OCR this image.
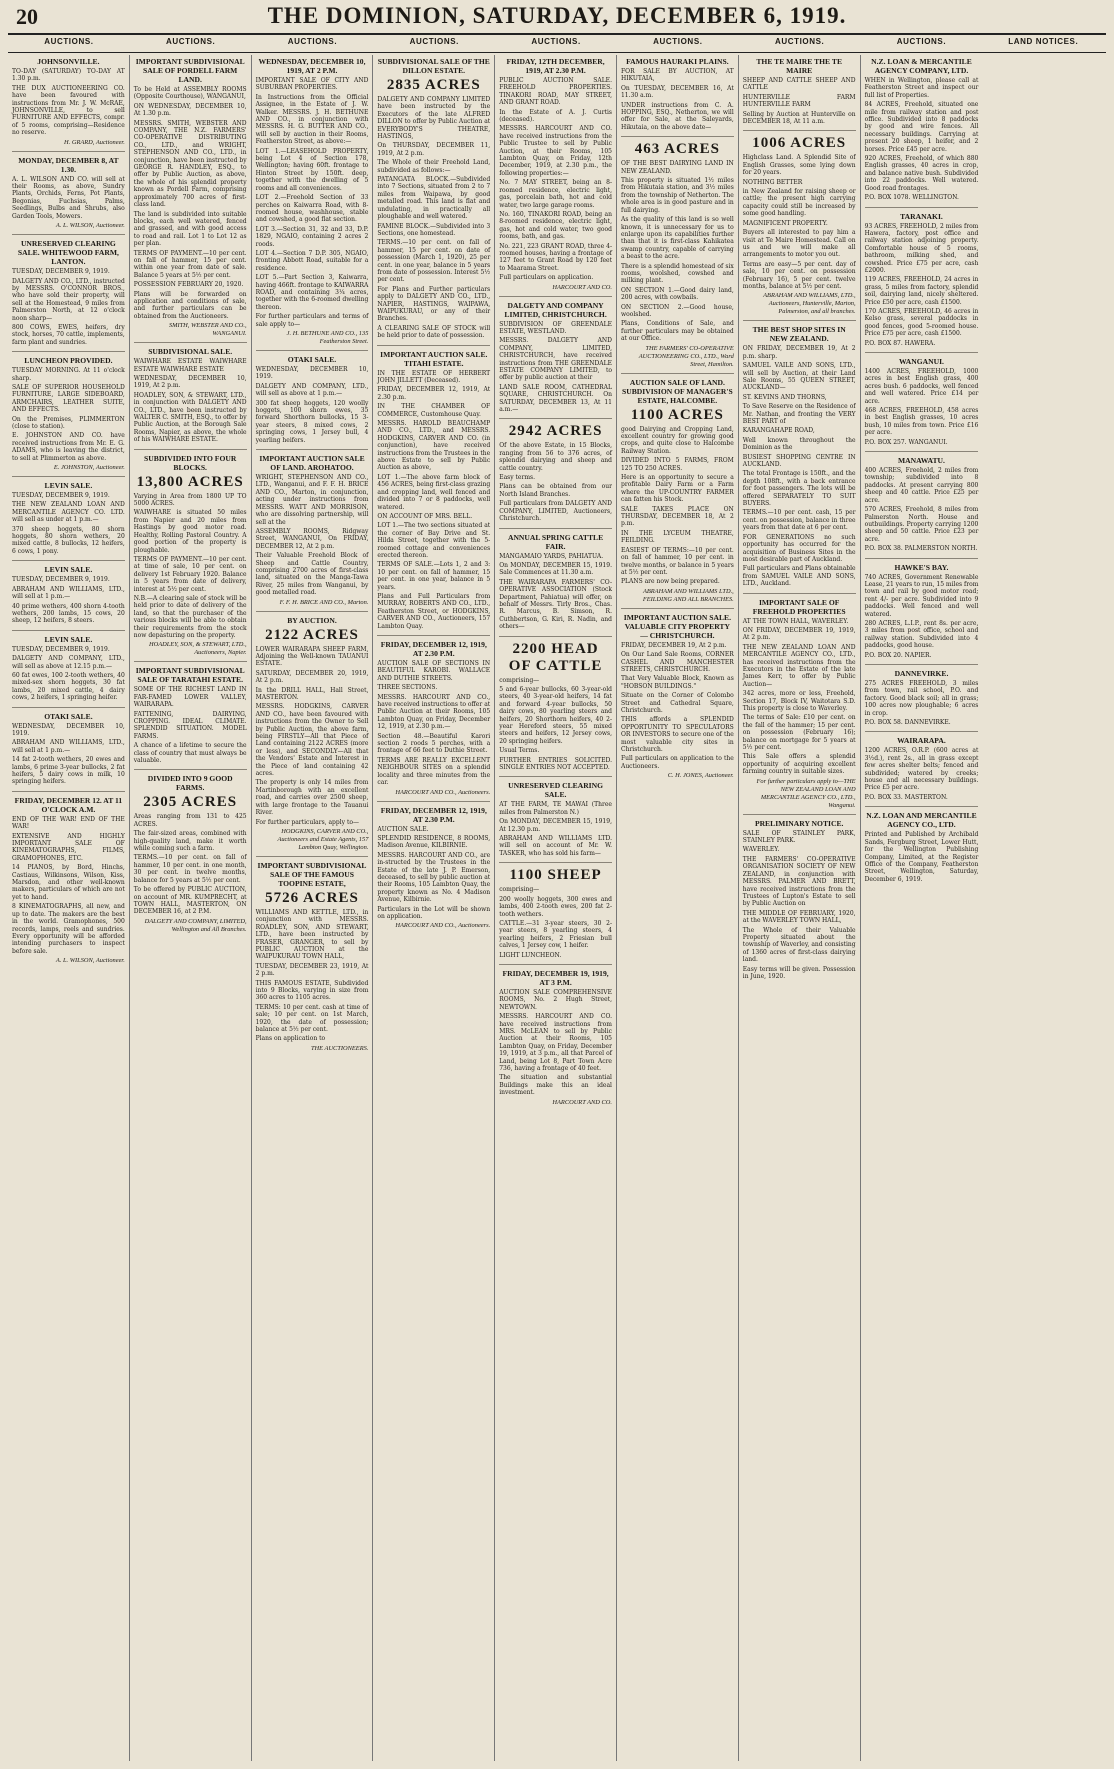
20	THE DOMINION, SATURDAY, DECEMBER 6, 1919.
AUCTIONS.	AUCTIONS.	AUCTIONS.	AUCTIONS.	AUCTIONS.	AUCTIONS.	AUCTIONS.	AUCTIONS.	LAND NOTICES.
JOHNSONVILLE.
TO-DAY (SATURDAY) TO-DAY AT 1.30 p.m.
THE DUX AUCTIONEERING CO. have been favoured with instructions from Mr. J. W. McRAE, JOHNSONVILLE, to sell FURNITURE AND EFFECTS, compr. of 5 rooms, comprising—Residence no reserve.
H. GRARD, Auctioneer.
MONDAY, DECEMBER 8, AT 1.30.
A. L. WILSON AND CO. will sell at their Rooms, as above, Sundry Plants, Orchids, Ferns, Pot Plants, Begonias, Fuchsias, Palms, Seedlings, Bulbs and Shrubs, also Garden Tools, Mowers.
A. L. WILSON, Auctioneer.
UNRESERVED CLEARING SALE. WHITEWOOD FARM, LANTON.
TUESDAY, DECEMBER 9, 1919.
DALGETY AND CO., LTD., instructed by MESSRS. O'CONNOR BROS., who have sold their property, will sell at the Homestead, 9 miles from Palmerston North, at 12 o'clock noon sharp—
800 COWS, EWES, heifers, dry stock, horses, 70 cattle, implements, farm plant and sundries.
LUNCHEON PROVIDED.
TUESDAY MORNING. At 11 o'clock sharp.
SALE OF SUPERIOR HOUSEHOLD FURNITURE, LARGE SIDEBOARD, ARMCHAIRS, LEATHER SUITE, AND EFFECTS.
On the Premises, PLIMMERTON (close to station).
E. JOHNSTON AND CO. have received instructions from Mr. E. G. ADAMS, who is leaving the district, to sell at Plimmerton as above.
E. JOHNSTON, Auctioneer.
LEVIN SALE.
TUESDAY, DECEMBER 9, 1919.
THE NEW ZEALAND LOAN AND MERCANTILE AGENCY CO. LTD. will sell as under at 1 p.m.—
370 sheep hoggets, 80 shorn hoggets, 80 shorn wethers, 20 mixed cattle, 8 bullocks, 12 heifers, 6 cows, 1 pony.
LEVIN SALE.
TUESDAY, DECEMBER 9, 1919.
ABRAHAM AND WILLIAMS, LTD., will sell at 1 p.m.—
40 prime wethers, 400 shorn 4-tooth wethers, 200 lambs, 15 cows, 20 sheep, 12 heifers, 8 steers.
LEVIN SALE.
TUESDAY, DECEMBER 9, 1919.
DALGETY AND COMPANY, LTD., will sell as above at 12.15 p.m.—
60 fat ewes, 100 2-tooth wethers, 40 mixed-sex shorn hoggets, 30 fat lambs, 20 mixed cattle, 4 dairy cows, 2 heifers, 1 springing heifer.
OTAKI SALE.
WEDNESDAY, DECEMBER 10, 1919.
ABRAHAM AND WILLIAMS, LTD., will sell at 1 p.m.—
14 fat 2-tooth wethers, 20 ewes and lambs, 6 prime 3-year bullocks, 2 fat heifers, 5 dairy cows in milk, 10 springing heifers.
FRIDAY, DECEMBER 12. AT 11 O'CLOCK A.M.
END OF THE WAR! END OF THE WAR!
EXTENSIVE AND HIGHLY IMPORTANT SALE OF KINEMATOGRAPHS, FILMS, GRAMOPHONES, ETC.
14 PIANOS, by Bord, Hinchs, Castiaus, Wilkinsons, Wilson, Kiss, Marsdon, and other well-known makers, particulars of which are not yet to hand.
8 KINEMATOGRAPHS, all new, and up to date. The makers are the best in the world. Gramophones, 500 records, lamps, reels and sundries. Every opportunity will be afforded intending purchasers to inspect before sale.
A. L. WILSON, Auctioneer.
IMPORTANT SUBDIVISIONAL SALE OF PORDELL FARM LAND.
To be Held at ASSEMBLY ROOMS (Opposite Courthouse), WANGANUI,
ON WEDNESDAY, DECEMBER 10, At 1.30 p.m.
MESSRS. SMITH, WEBSTER AND COMPANY, THE N.Z. FARMERS' CO-OPERATIVE DISTRIBUTING CO., LTD., and WRIGHT, STEPHENSON AND CO., LTD., in conjunction, have been instructed by GEORGE R. HANDLEY, ESQ., to offer by Public Auction, as above, the whole of his splendid property known as Pordell Farm, comprising approximately 700 acres of first-class land.
The land is subdivided into suitable blocks, each well watered, fenced and grassed, and with good access to road and rail. Lot 1 to Lot 12 as per plan.
TERMS OF PAYMENT.—10 per cent. on fall of hammer, 15 per cent. within one year from date of sale. Balance 5 years at 5½ per cent.
POSSESSION FEBRUARY 20, 1920.
Plans will be forwarded on application and conditions of sale, and further particulars can be obtained from the Auctioneers.
SMITH, WEBSTER AND CO., WANGANUI.
SUBDIVISIONAL SALE.
WAIWHARE ESTATE WAIWHARE ESTATE WAIWHARE ESTATE
WEDNESDAY, DECEMBER 10, 1919, At 2 p.m.
HOADLEY, SON, & STEWART, LTD., in conjunction with DALGETY AND CO., LTD., have been instructed by WALTER C. SMITH, ESQ., to offer by Public Auction, at the Borough Sale Rooms, Napier, as above, the whole of his WAIWHARE ESTATE.
SUBDIVIDED INTO FOUR BLOCKS.
13,800 ACRES
Varying in Area from 1800 UP TO 5000 ACRES.
WAIWHARE is situated 50 miles from Napier and 20 miles from Hastings by good motor road. Healthy, Rolling Pastoral Country. A good portion of the property is ploughable.
TERMS OF PAYMENT.—10 per cent. at time of sale, 10 per cent. on delivery 1st February 1920. Balance in 5 years from date of delivery, interest at 5½ per cent.
N.B.—A clearing sale of stock will be held prior to date of delivery of the land, so that the purchaser of the various blocks will be able to obtain their requirements from the stock now depasturing on the property.
HOADLEY, SON, & STEWART, LTD., Auctioneers, Napier.
IMPORTANT SUBDIVISIONAL SALE OF TARATAHI ESTATE.
SOME OF THE RICHEST LAND IN FAR-FAMED LOWER VALLEY, WAIRARAPA.
FATTENING, DAIRYING, CROPPING. IDEAL CLIMATE. SPLENDID SITUATION. MODEL FARMS.
A chance of a lifetime to secure the class of country that must always be valuable.
DIVIDED INTO 9 GOOD FARMS.
2305 ACRES
Areas ranging from 131 to 425 ACRES.
The fair-sized areas, combined with high-quality land, make it worth while coming such a farm.
TERMS.—10 per cent. on fall of hammer, 10 per cent. in one month, 30 per cent. in twelve months, balance for 5 years at 5½ per cent.
To be offered by PUBLIC AUCTION, on account of MR. KUMPRECHT, at TOWN HALL, MASTERTON, ON DECEMBER 16, at 2 P.M.
DALGETY AND COMPANY, LIMITED, Wellington and All Branches.
WEDNESDAY, DECEMBER 10, 1919, AT 2 P.M.
IMPORTANT SALE OF CITY AND SUBURBAN PROPERTIES.
In Instructions from the Official Assignee, in the Estate of J. W. Walker. MESSRS. J. H. BETHUNE AND CO., in conjunction with MESSRS. H. G. BUTTER AND CO., will sell by auction in their Rooms, Featherston Street, as above:—
LOT 1.—LEASEHOLD PROPERTY, being Lot 4 of Section 178, Wellington; having 60ft. frontage to Hinton Street by 150ft. deep, together with the dwelling of 5 rooms and all conveniences.
LOT 2.—Freehold Section of 33 perches on Kaiwarra Road, with 8-roomed house, washhouse, stable and cowshed, a good flat section.
LOT 3.—Section 31, 32 and 33, D.P. 1829, NGAIO, containing 2 acres 2 roods.
LOT 4.—Section 7 D.P. 305, NGAIO, fronting Abbott Road, suitable for a residence.
LOT 5.—Part Section 3, Kaiwarra, having 466ft. frontage to KAIWARRA ROAD, and containing 3¼ acres, together with the 6-roomed dwelling thereon.
For further particulars and terms of sale apply to—
J. H. BETHUNE AND CO., 135 Featherston Street.
OTAKI SALE.
WEDNESDAY, DECEMBER 10, 1919.
DALGETY AND COMPANY, LTD., will sell as above at 1 p.m.—
300 fat sheep hoggets, 120 woolly hoggets, 100 shorn ewes, 35 forward Shorthorn bullocks, 15 3-year steers, 8 mixed cows, 2 springing cows, 1 Jersey bull, 4 yearling heifers.
IMPORTANT AUCTION SALE OF LAND. AROHATOO.
WRIGHT, STEPHENSON AND CO., LTD., Wanganui, and F. F. H. BRICE AND CO., Marton, in conjunction, acting under instructions from MESSRS. WATT AND MORRISON, who are dissolving partnership, will sell at the
ASSEMBLY ROOMS, Ridgway Street, WANGANUI, On FRIDAY, DECEMBER 12, At 2 p.m.
Their Valuable Freehold Block of Sheep and Cattle Country, comprising 2700 acres of first-class land, situated on the Manga-Tawa River, 25 miles from Wanganui, by good metalled road.
F. F. H. BRICE AND CO., Marton.
BY AUCTION.
2122 ACRES
LOWER WAIRARAPA SHEEP FARM, Adjoining the Well-known TAUANUI ESTATE.
SATURDAY, DECEMBER 20, 1919, At 2 p.m.
In the DRILL HALL, Hall Street, MASTERTON.
MESSRS. HODGKINS, CARVER AND CO., have been favoured with instructions from the Owner to Sell by Public Auction, the above farm, being FIRSTLY—All that Piece of Land containing 2122 ACRES (more or less), and SECONDLY—All that the Vendors' Estate and Interest in the Piece of land containing 42 acres.
The property is only 14 miles from Martinborough with an excellent road, and carries over 2500 sheep, with large frontage to the Tauanui River.
For further particulars, apply to—
HODGKINS, CARVER AND CO., Auctioneers and Estate Agents, 157 Lambton Quay, Wellington.
IMPORTANT SUBDIVISIONAL SALE OF THE FAMOUS TOOPINE ESTATE,
5726 ACRES
WILLIAMS AND KETTLE, LTD., in conjunction with MESSRS. ROADLEY, SON, AND STEWART, LTD., have been instructed by FRASER, GRANGER, to sell by PUBLIC AUCTION at the WAIPUKURAU TOWN HALL,
TUESDAY, DECEMBER 23, 1919, At 2 p.m.
THIS FAMOUS ESTATE, Subdivided into 9 Blocks, varying in size from 360 acres to 1105 acres.
TERMS: 10 per cent. cash at time of sale; 10 per cent. on 1st March, 1920, the date of possession; balance at 5½ per cent.
Plans on application to
THE AUCTIONEERS.
SUBDIVISIONAL SALE OF THE DILLON ESTATE.
2835 ACRES
DALGETY AND COMPANY LIMITED have been instructed by the Executors of the late ALFRED DILLON to offer by Public Auction at EVERYBODY'S THEATRE, HASTINGS,
On THURSDAY, DECEMBER 11, 1919, At 2 p.m.
The Whole of their Freehold Land, subdivided as follows:—
PATANGATA BLOCK.—Subdivided into 7 Sections, situated from 2 to 7 miles from Waipawa, by good metalled road. This land is flat and undulating, in practically all ploughable and well watered.
FAMINE BLOCK.—Subdivided into 3 Sections, one homestead.
TERMS.—10 per cent. on fall of hammer, 15 per cent. on date of possession (March 1, 1920), 25 per cent. in one year, balance in 5 years from date of possession. Interest 5½ per cent.
For Plans and Further particulars apply to DALGETY AND CO., LTD., NAPIER, HASTINGS, WAIPAWA, WAIPUKURAU, or any of their Branches.
A CLEARING SALE OF STOCK will be held prior to date of possession.
IMPORTANT AUCTION SALE. TITAHI ESTATE.
IN THE ESTATE OF HERBERT JOHN JILLETT (Deceased).
FRIDAY, DECEMBER 12, 1919, At 2.30 p.m.
IN THE CHAMBER OF COMMERCE, Customhouse Quay.
MESSRS. HAROLD BEAUCHAMP AND CO., LTD., and MESSRS. HODGKINS, CARVER AND CO. (in conjunction), have received instructions from the Trustees in the above Estate to sell by Public Auction as above,
LOT 1.—The above farm block of 456 ACRES, being first-class grazing and cropping land, well fenced and divided into 7 or 8 paddocks, well watered.
ON ACCOUNT OF MRS. BELL.
LOT 1.—The two sections situated at the corner of Bay Drive and St. Hilda Street, together with the 5-roomed cottage and conveniences erected thereon.
TERMS OF SALE.—Lots 1, 2 and 3: 10 per cent. on fall of hammer, 15 per cent. in one year, balance in 5 years.
Plans and Full Particulars from MURRAY, ROBERTS AND CO., LTD., Featherston Street, or HODGKINS, CARVER AND CO., Auctioneers, 157 Lambton Quay.
FRIDAY, DECEMBER 12, 1919, AT 2.30 P.M.
AUCTION SALE OF SECTIONS IN BEAUTIFUL KAROBI. WALLACE AND DUTHIE STREETS.
THREE SECTIONS.
MESSRS. HARCOURT AND CO., have received instructions to offer at Public Auction at their Rooms, 105 Lambton Quay, on Friday, December 12, 1919, at 2.30 p.m.—
Section 48.—Beautiful Karori section 2 roods 5 perches, with a frontage of 66 feet to Duthie Street.
TERMS ARE REALLY EXCELLENT NEIGHBOUR SITES on a splendid locality and three minutes from the car.
HARCOURT AND CO., Auctioneers.
FRIDAY, DECEMBER 12, 1919, AT 2.30 P.M.
AUCTION SALE.
SPLENDID RESIDENCE, 8 ROOMS, Madison Avenue, KILBIRNIE.
MESSRS. HARCOURT AND CO., are in-structed by the Trustees in the Estate of the late J. P. Emerson, deceased, to sell by public auction at their Rooms, 105 Lambton Quay, the property known as No. 4 Madison Avenue, Kilbirnie.
Particulars in the Lot will be shown on application.
HARCOURT AND CO., Auctioneers.
FRIDAY, 12TH DECEMBER, 1919, AT 2.30 P.M.
PUBLIC AUCTION SALE. FREEHOLD PROPERTIES. TINAKORI ROAD, MAY STREET, AND GRANT ROAD.
In the Estate of A. J. Curtis (deceased).
MESSRS. HARCOURT AND CO. have received instructions from the Public Trustee to sell by Public Auction, at their Rooms, 105 Lambton Quay, on Friday, 12th December, 1919, at 2.30 p.m., the following properties:—
No. 7 MAY STREET, being an 8-roomed residence, electric light, gas, porcelain bath, hot and cold water, two large garage rooms.
No. 160, TINAKORI ROAD, being an 8-roomed residence, electric light, gas, hot and cold water, two good rooms, bath, and gas.
No. 221, 223 GRANT ROAD, three 4-roomed houses, having a frontage of 127 feet to Grant Road by 120 feet to Maarama Street.
Full particulars on application.
HARCOURT AND CO.
DALGETY AND COMPANY LIMITED, CHRISTCHURCH.
SUBDIVISION OF GREENDALE ESTATE, WESTLAND.
MESSRS. DALGETY AND COMPANY, LIMITED, CHRISTCHURCH, have received instructions from THE GREENDALE ESTATE COMPANY LIMITED, to offer by public auction at their
LAND SALE ROOM, CATHEDRAL SQUARE, CHRISTCHURCH. On SATURDAY, DECEMBER 13, At 11 a.m.—
2942 ACRES
Of the above Estate, in 15 Blocks, ranging from 56 to 376 acres, of splendid dairying and sheep and cattle country.
Easy terms.
Plans can be obtained from our North Island Branches.
Full particulars from DALGETY AND COMPANY, LIMITED, Auctioneers, Christchurch.
ANNUAL SPRING CATTLE FAIR.
MANGAMAIO YARDS, PAHIATUA.
On MONDAY, DECEMBER 15, 1919. Sale Commences at 11.30 a.m.
THE WAIRARAPA FARMERS' CO-OPERATIVE ASSOCIATION (Stock Department, Pahiatua) will offer, on behalf of Messrs. Tirly Bros., Chas. R. Marcus, B. Simson, R. Cuthbertson, G. Kiri, R. Nadin, and others—
2200 HEAD OF CATTLE
comprising—
5 and 6-year bullocks, 60 3-year-old steers, 40 3-year-old heifers, 14 fat and forward 4-year bullocks, 50 dairy cows, 80 yearling steers and heifers, 20 Shorthorn heifers, 40 2-year Hereford steers, 55 mixed steers and heifers, 12 Jersey cows, 20 springing heifers.
Usual Terms.
FURTHER ENTRIES SOLICITED. SINGLE ENTRIES NOT ACCEPTED.
UNRESERVED CLEARING SALE.
AT THE FARM, TE MAWAI (Three miles from Palmerston N.)
On MONDAY, DECEMBER 15, 1919, At 12.30 p.m.
ABRAHAM AND WILLIAMS LTD. will sell on account of Mr. W. TASKER, who has sold his farm—
1100 SHEEP
comprising—
200 woolly hoggets, 300 ewes and lambs, 400 2-tooth ewes, 200 fat 2-tooth wethers.
CATTLE.—31 3-year steers, 30 2-year steers, 8 yearling steers, 4 yearling heifers, 2 Friesian bull calves, 1 Jersey cow, 1 heifer.
LIGHT LUNCHEON.
FRIDAY, DECEMBER 19, 1919, AT 3 P.M.
AUCTION SALE COMPREHENSIVE ROOMS, No. 2 Hugh Street, NEWTOWN.
MESSRS. HARCOURT AND CO. have received instructions from MRS. McLEAN to sell by Public Auction at their Rooms, 105 Lambton Quay, on Friday, December 19, 1919, at 3 p.m., all that Parcel of Land, being Lot 8, Part Town Acre 736, having a frontage of 40 feet.
The situation and substantial Buildings make this an ideal investment.
HARCOURT AND CO.
FAMOUS HAURAKI PLAINS.
FOR SALE BY AUCTION, AT HIKUTAIA,
On TUESDAY, DECEMBER 16, At 11.30 a.m.
UNDER instructions from C. A. HOPPING, ESQ., Netherton, we will offer for Sale, at the Saleyards, Hikutaia, on the above date—
463 ACRES
OF THE BEST DAIRYING LAND IN NEW ZEALAND.
This property is situated 1½ miles from Hikutaia station, and 3½ miles from the township of Netherton. The whole area is in good pasture and in full dairying.
As the quality of this land is so well known, it is unnecessary for us to enlarge upon its capabilities further than that it is first-class Kahikatea swamp country, capable of carrying a beast to the acre.
There is a splendid homestead of six rooms, woolshed, cowshed and milking plant.
ON SECTION 1.—Good dairy land, 200 acres, with cowbails.
ON SECTION 2.—Good house, woolshed.
Plans, Conditions of Sale, and further particulars may be obtained at our Office.
THE FARMERS' CO-OPERATIVE AUCTIONEERING CO., LTD., Ward Street, Hamilton.
AUCTION SALE OF LAND. SUBDIVISION OF MANAGER'S ESTATE, HALCOMBE.
1100 ACRES
good Dairying and Cropping Land, excellent country for growing good crops, and quite close to Halcombe Railway Station.
DIVIDED INTO 5 FARMS, FROM 125 TO 250 ACRES.
Here is an opportunity to secure a profitable Dairy Farm or a Farm where the UP-COUNTRY FARMER can fatten his Stock.
SALE TAKES PLACE ON THURSDAY, DECEMBER 18, At 2 p.m.
IN THE LYCEUM THEATRE, FEILDING.
EASIEST OF TERMS:—10 per cent. on fall of hammer, 10 per cent. in twelve months, or balance in 5 years at 5½ per cent.
PLANS are now being prepared.
ABRAHAM AND WILLIAMS LTD., FEILDING AND ALL BRANCHES.
IMPORTANT AUCTION SALE. VALUABLE CITY PROPERTY— CHRISTCHURCH.
FRIDAY, DECEMBER 19, At 2 p.m.
On Our Land Sale Rooms, CORNER CASHEL AND MANCHESTER STREETS, CHRISTCHURCH.
That Very Valuable Block, Known as "HOBSON BUILDINGS."
Situate on the Corner of Colombo Street and Cathedral Square, Christchurch.
THIS affords a SPLENDID OPPORTUNITY TO SPECULATORS OR INVESTORS to secure one of the most valuable city sites in Christchurch.
Full particulars on application to the Auctioneers.
C. H. JONES, Auctioneer.
THE TE MAIRE THE TE MAIRE
SHEEP AND CATTLE SHEEP AND CATTLE
HUNTERVILLE FARM HUNTERVILLE FARM
Selling by Auction at Hunterville on DECEMBER 18, At 11 a.m.
1006 ACRES
Highclass Land. A Splendid Site of English Grasses, some lying down for 20 years.
NOTHING BETTER
in New Zealand for raising sheep or cattle; the present high carrying capacity could still be increased by some good handling.
MAGNIFICENT PROPERTY.
Buyers all interested to pay him a visit at Te Maire Homestead. Call on us and we will make all arrangements to motor you out.
Terms are easy—5 per cent. day of sale, 10 per cent. on possession (February 16), 5 per cent. twelve months, balance at 5½ per cent.
ABRAHAM AND WILLIAMS, LTD., Auctioneers, Hunterville, Marton, Palmerston, and all branches.
THE BEST SHOP SITES IN NEW ZEALAND.
ON FRIDAY, DECEMBER 19, At 2 p.m. sharp.
SAMUEL VAILE AND SONS, LTD., will sell by Auction, at their Land Sale Rooms, 55 QUEEN STREET, AUCKLAND—
ST. KEVINS AND THORNS,
To Save Reserve on the Residence of Mr. Nathan, and fronting the VERY BEST PART of
KARANGAHAPE ROAD,
Well known throughout the Dominion as the
BUSIEST SHOPPING CENTRE IN AUCKLAND.
The total Frontage is 150ft., and the depth 108ft., with a back entrance for foot passengers. The lots will be offered SEPARATELY TO SUIT BUYERS.
TERMS.—10 per cent. cash, 15 per cent. on possession, balance in three years from that date at 6 per cent.
FOR GENERATIONS no such opportunity has occurred for the acquisition of Business Sites in the most desirable part of Auckland.
Full particulars and Plans obtainable from SAMUEL VAILE AND SONS, LTD., Auckland.
IMPORTANT SALE OF FREEHOLD PROPERTIES
AT THE TOWN HALL, WAVERLEY.
ON FRIDAY, DECEMBER 19, 1919, At 2 p.m.
THE NEW ZEALAND LOAN AND MERCANTILE AGENCY CO., LTD., has received instructions from the Executors in the Estate of the late James Kerr, to offer by Public Auction—
342 acres, more or less, Freehold, Section 17, Block IV, Waitotara S.D. This property is close to Waverley.
The terms of Sale: £10 per cent. on the fall of the hammer; 15 per cent. on possession (February 16); balance on mortgage for 5 years at 5½ per cent.
This Sale offers a splendid opportunity of acquiring excellent farming country in suitable sizes.
For further particulars apply to—THE NEW ZEALAND LOAN AND MERCANTILE AGENCY CO., LTD., Wanganui.
PRELIMINARY NOTICE.
SALE OF STAINLEY PARK, STAINLEY PARK.
WAVERLEY.
THE FARMERS' CO-OPERATIVE ORGANISATION SOCIETY OF NEW ZEALAND, in conjunction with MESSRS. PALMER AND BRETT, have received instructions from the Trustees of Lupton's Estate to sell by Public Auction on
THE MIDDLE OF FEBRUARY, 1920, at the WAVERLEY TOWN HALL,
The Whole of their Valuable Property situated about the township of Waverley, and consisting of 1360 acres of first-class dairying land.
Easy terms will be given. Possession in June, 1920.
N.Z. LOAN & MERCANTILE AGENCY COMPANY, LTD.
WHEN in Wellington, please call at Featherston Street and inspect our full list of Properties.
84 ACRES, Freehold, situated one mile from railway station and post office. Subdivided into 8 paddocks by good and wire fences. All necessary buildings. Carrying at present 20 sheep, 1 heifer, and 2 horses. Price £45 per acre.
920 ACRES, Freehold, of which 880 English grasses, 40 acres in crop, and balance native bush. Subdivided into 22 paddocks. Well watered. Good road frontages.
P.O. BOX 1078. WELLINGTON.
TARANAKI.
93 ACRES, FREEHOLD, 2 miles from Hawera, factory, post office and railway station adjoining property. Comfortable house of 5 rooms, bathroom, milking shed, and cowshed. Price £75 per acre, cash £2000.
119 ACRES, FREEHOLD, 24 acres in grass, 5 miles from factory, splendid soil, dairying land, nicely sheltered. Price £50 per acre, cash £1500.
170 ACRES, FREEHOLD, 46 acres in Kelso grass, several paddocks in good fences, good 5-roomed house. Price £75 per acre, cash £1500.
P.O. BOX 87. HAWERA.
WANGANUI.
1400 ACRES, FREEHOLD, 1000 acres in best English grass, 400 acres bush. 6 paddocks, well fenced and well watered. Price £14 per acre.
468 ACRES, FREEHOLD, 458 acres in best English grasses, 10 acres bush, 10 miles from town. Price £16 per acre.
P.O. BOX 257. WANGANUI.
MANAWATU.
400 ACRES, Freehold, 2 miles from township; subdivided into 8 paddocks. At present carrying 800 sheep and 40 cattle. Price £25 per acre.
570 ACRES, Freehold, 8 miles from Palmerston North. House and outbuildings. Property carrying 1200 sheep and 50 cattle. Price £23 per acre.
P.O. BOX 38. PALMERSTON NORTH.
HAWKE'S BAY.
740 ACRES, Government Renewable Lease, 21 years to run, 15 miles from town and rail by good motor road; rent 4/- per acre. Subdivided into 9 paddocks. Well fenced and well watered.
280 ACRES, L.I.P., rent 8s. per acre, 3 miles from post office, school and railway station. Subdivided into 4 paddocks, good house.
P.O. BOX 20. NAPIER.
DANNEVIRKE.
275 ACRES FREEHOLD, 3 miles from town, rail school, P.O. and factory. Good black soil; all in grass; 100 acres now ploughable; 6 acres in crop.
P.O. BOX 58. DANNEVIRKE.
WAIRARAPA.
1200 ACRES, O.R.P. (600 acres at 3½d.), rent 2s., all in grass except few acres shelter belts; fenced and subdivided; watered by creeks; house and all necessary buildings. Price £5 per acre.
P.O. BOX 33. MASTERTON.
N.Z. LOAN AND MERCANTILE AGENCY CO., LTD.
Printed and Published by Archibald Sands, Fergburg Street, Lower Hutt, for the Wellington Publishing Company, Limited, at the Register Office of the Company, Featherston Street, Wellington, Saturday, December 6, 1919.
